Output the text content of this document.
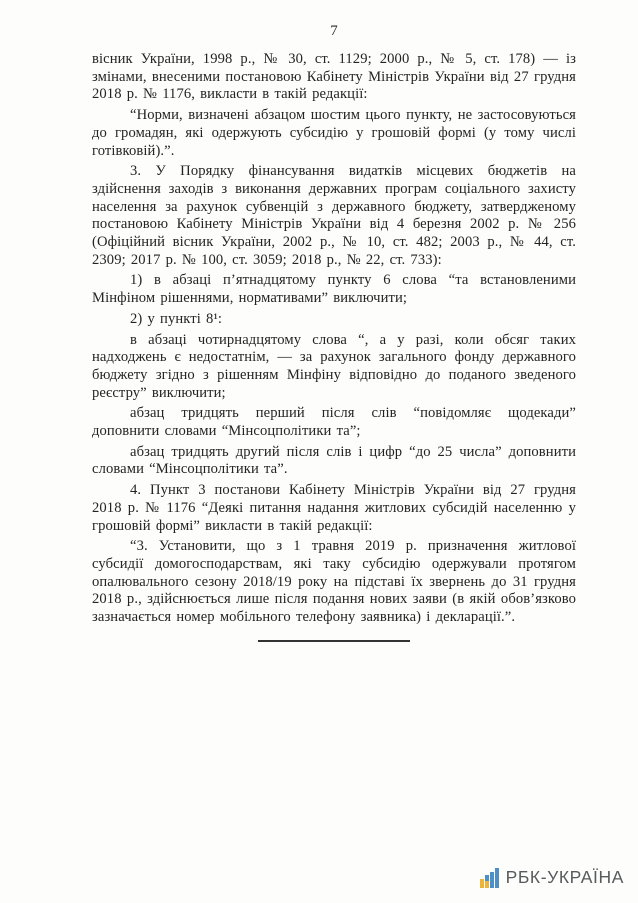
7

вісник України, 1998 р., № 30, ст. 1129; 2000 р., № 5, ст. 178) — із змінами, внесеними постановою Кабінету Міністрів України від 27 грудня 2018 р. № 1176, викласти в такій редакції:

“Норми, визначені абзацом шостим цього пункту, не застосовуються до громадян, які одержують субсидію у грошовій формі (у тому числі готівковій).”.

3. У Порядку фінансування видатків місцевих бюджетів на здійснення заходів з виконання державних програм соціального захисту населення за рахунок субвенцій з державного бюджету, затвердженому постановою Кабінету Міністрів України від 4 березня 2002 р. № 256 (Офіційний вісник України, 2002 р., № 10, ст. 482; 2003 р., № 44, ст. 2309; 2017 р. № 100, ст. 3059; 2018 р., № 22, ст. 733):

1) в абзаці п’ятнадцятому пункту 6 слова “та встановленими Мінфіном рішеннями, нормативами” виключити;

2) у пункті 8¹:

в абзаці чотирнадцятому слова “, а у разі, коли обсяг таких надходжень є недостатнім, — за рахунок загального фонду державного бюджету згідно з рішенням Мінфіну відповідно до поданого зведеного реєстру” виключити;

абзац тридцять перший після слів “повідомляє щодекади” доповнити словами “Мінсоцполітики та”;

абзац тридцять другий після слів і цифр “до 25 числа” доповнити словами “Мінсоцполітики та”.

4. Пункт 3 постанови Кабінету Міністрів України від 27 грудня 2018 р. № 1176 “Деякі питання надання житлових субсидій населенню у грошовій формі” викласти в такій редакції:

“3. Установити, що з 1 травня 2019 р. призначення житлової субсидії домогосподарствам, які таку субсидію одержували протягом опалювального сезону 2018/19 року на підставі їх звернень до 31 грудня 2018 р., здійснюється лише після подання нових заяви (в якій обов’язково зазначається номер мобільного телефону заявника) і декларації.”.

РБК-УКРАЇНА
